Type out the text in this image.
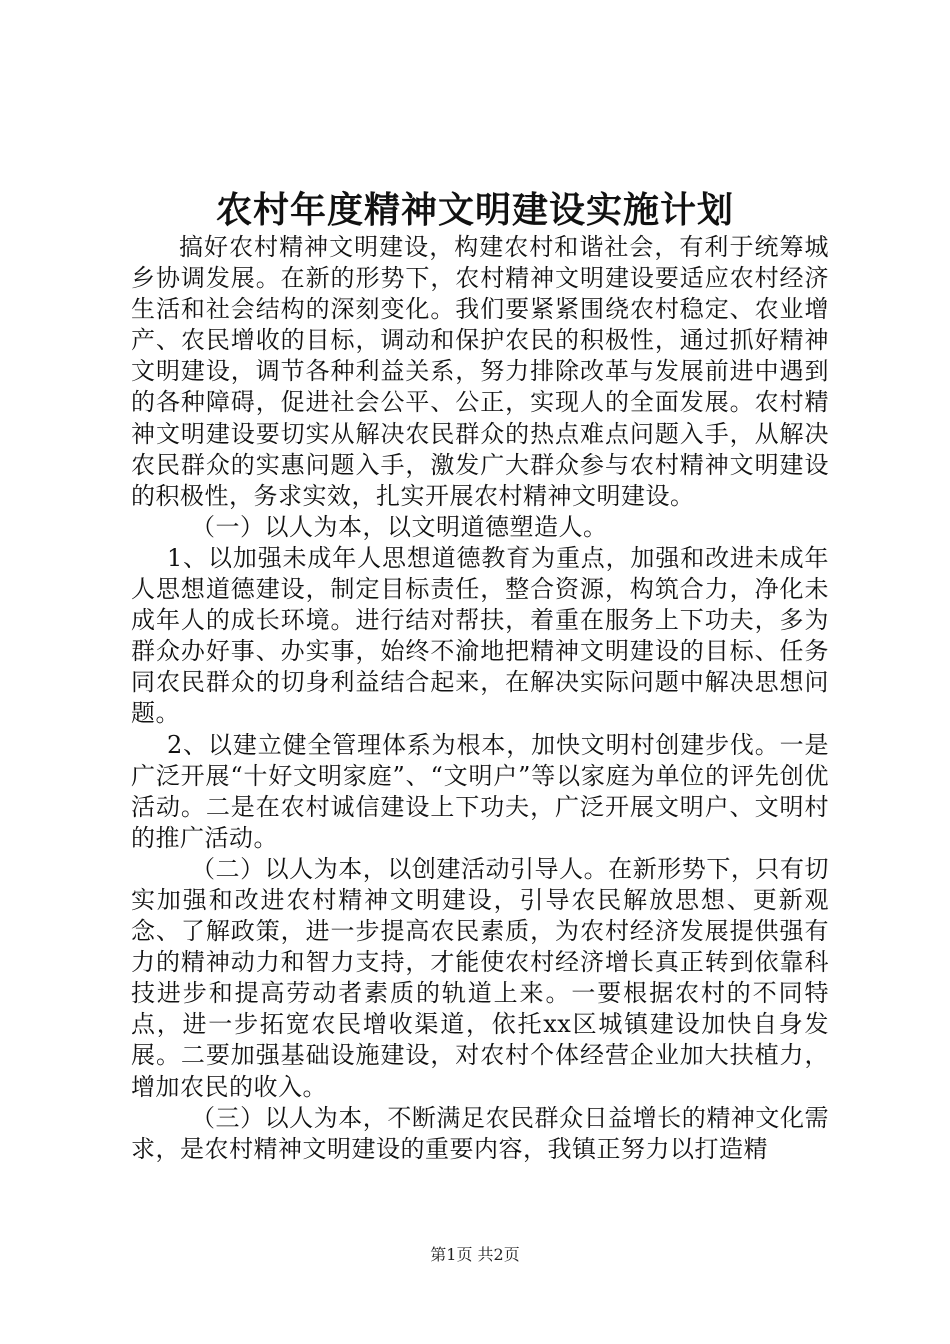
农村年度精神文明建设实施计划

搞好农村精神文明建设，构建农村和谐社会，有利于统筹城乡协调发展。在新的形势下，农村精神文明建设要适应农村经济生活和社会结构的深刻变化。我们要紧紧围绕农村稳定、农业增产、农民增收的目标，调动和保护农民的积极性，通过抓好精神文明建设，调节各种利益关系，努力排除改革与发展前进中遇到的各种障碍，促进社会公平、公正，实现人的全面发展。农村精神文明建设要切实从解决农民群众的热点难点问题入手，从解决农民群众的实惠问题入手，激发广大群众参与农村精神文明建设的积极性，务求实效，扎实开展农村精神文明建设。

（一）以人为本，以文明道德塑造人。

1、以加强未成年人思想道德教育为重点，加强和改进未成年人思想道德建设，制定目标责任，整合资源，构筑合力，净化未成年人的成长环境。进行结对帮扶，着重在服务上下功夫，多为群众办好事、办实事，始终不渝地把精神文明建设的目标、任务同农民群众的切身利益结合起来，在解决实际问题中解决思想问题。

2、以建立健全管理体系为根本，加快文明村创建步伐。一是广泛开展“十好文明家庭”、“文明户”等以家庭为单位的评先创优活动。二是在农村诚信建设上下功夫，广泛开展文明户、文明村的推广活动。

（二）以人为本，以创建活动引导人。在新形势下，只有切实加强和改进农村精神文明建设，引导农民解放思想、更新观念、了解政策，进一步提高农民素质，为农村经济发展提供强有力的精神动力和智力支持，才能使农村经济增长真正转到依靠科技进步和提高劳动者素质的轨道上来。一要根据农村的不同特点，进一步拓宽农民增收渠道，依托xx区城镇建设加快自身发展。二要加强基础设施建设，对农村个体经营企业加大扶植力，增加农民的收入。

（三）以人为本，不断满足农民群众日益增长的精神文化需求，是农村精神文明建设的重要内容，我镇正努力以打造精

第1页 共2页
